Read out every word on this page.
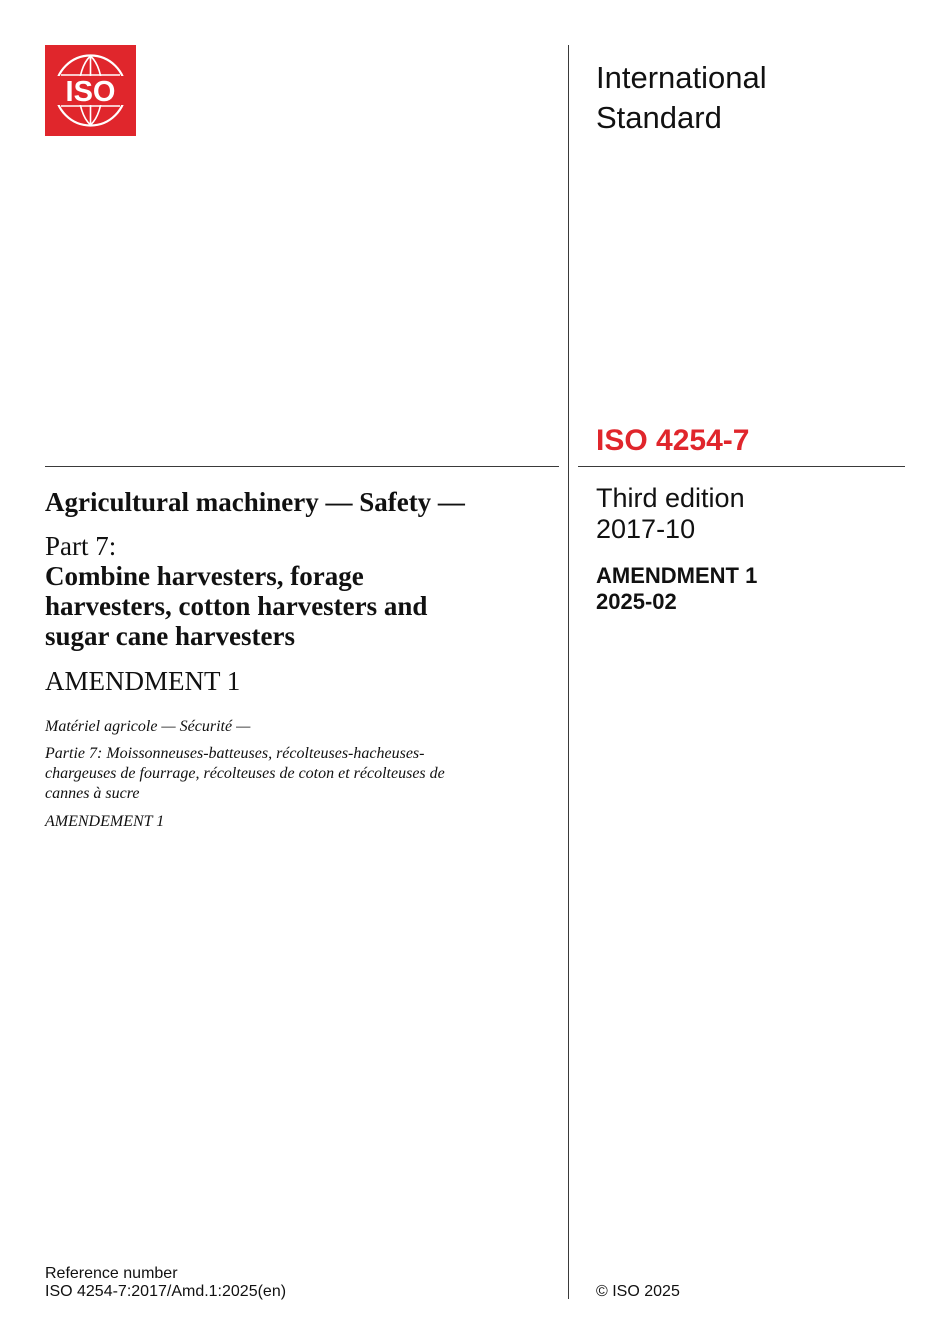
ISO	International
Standard
ISO 4254-7
Third edition
2017-10
AMENDMENT 1
2025-02
Agricultural machinery — Safety —
Part 7:
Combine harvesters, forage
harvesters, cotton harvesters and
sugar cane harvesters
AMENDMENT 1
Matériel agricole — Sécurité —
Partie 7: Moissonneuses-batteuses, récolteuses-hacheuses-
chargeuses de fourrage, récolteuses de coton et récolteuses de
cannes à sucre
AMENDEMENT 1
Reference number
ISO 4254-7:2017/Amd.1:2025(en)	© ISO 2025
